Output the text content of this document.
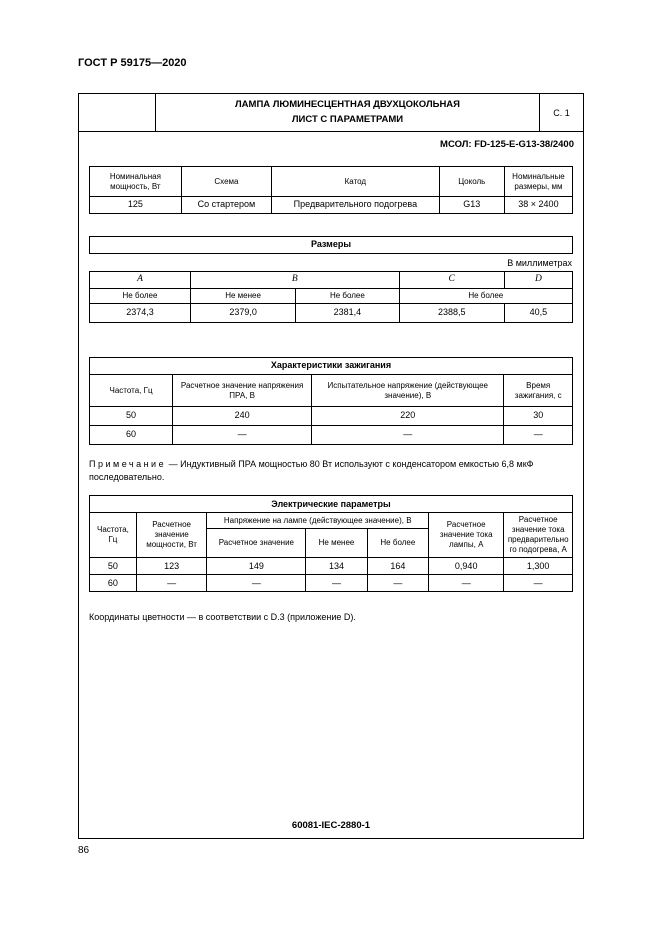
ГОСТ Р 59175—2020
ЛАМПА ЛЮМИНЕСЦЕНТНАЯ ДВУХЦОКОЛЬНАЯ
ЛИСТ С ПАРАМЕТРАМИ
С. 1
МСОЛ: FD-125-E-G13-38/2400
Номинальная мощность, Вт	Схема	Катод	Цоколь	Номинальные размеры, мм
125	Со стартером	Предварительного подогрева	G13	38 × 2400
Размеры
В миллиметрах
A	B		C	D
Не более	Не менее	Не более	Не более	
2374,3	2379,0	2381,4	2388,5	40,5
Характеристики зажигания			
Частота, Гц	Расчетное значение напряжения ПРА, В	Испытательное напряжение (действующее значение), В	Время зажигания, с
50	240	220	30
60	—	—	—

Примечание — Индуктивный ПРА мощностью 80 Вт используют с конденсатором емкостью 6,8 мкФ последовательно.

Электрические параметры						
Частота, Гц	Расчетное значение мощности, Вт	Напряжение на лампе (действующее значение), В			Расчетное значение тока лампы, А	Расчетное значение тока предварительного подогрева, А
		Расчетное значение	Не менее	Не более		
50	123	149	134	164	0,940	1,300
60	—	—	—	—	—	—

Координаты цветности — в соответствии с D.3 (приложение D).

60081-IEC-2880-1
86
